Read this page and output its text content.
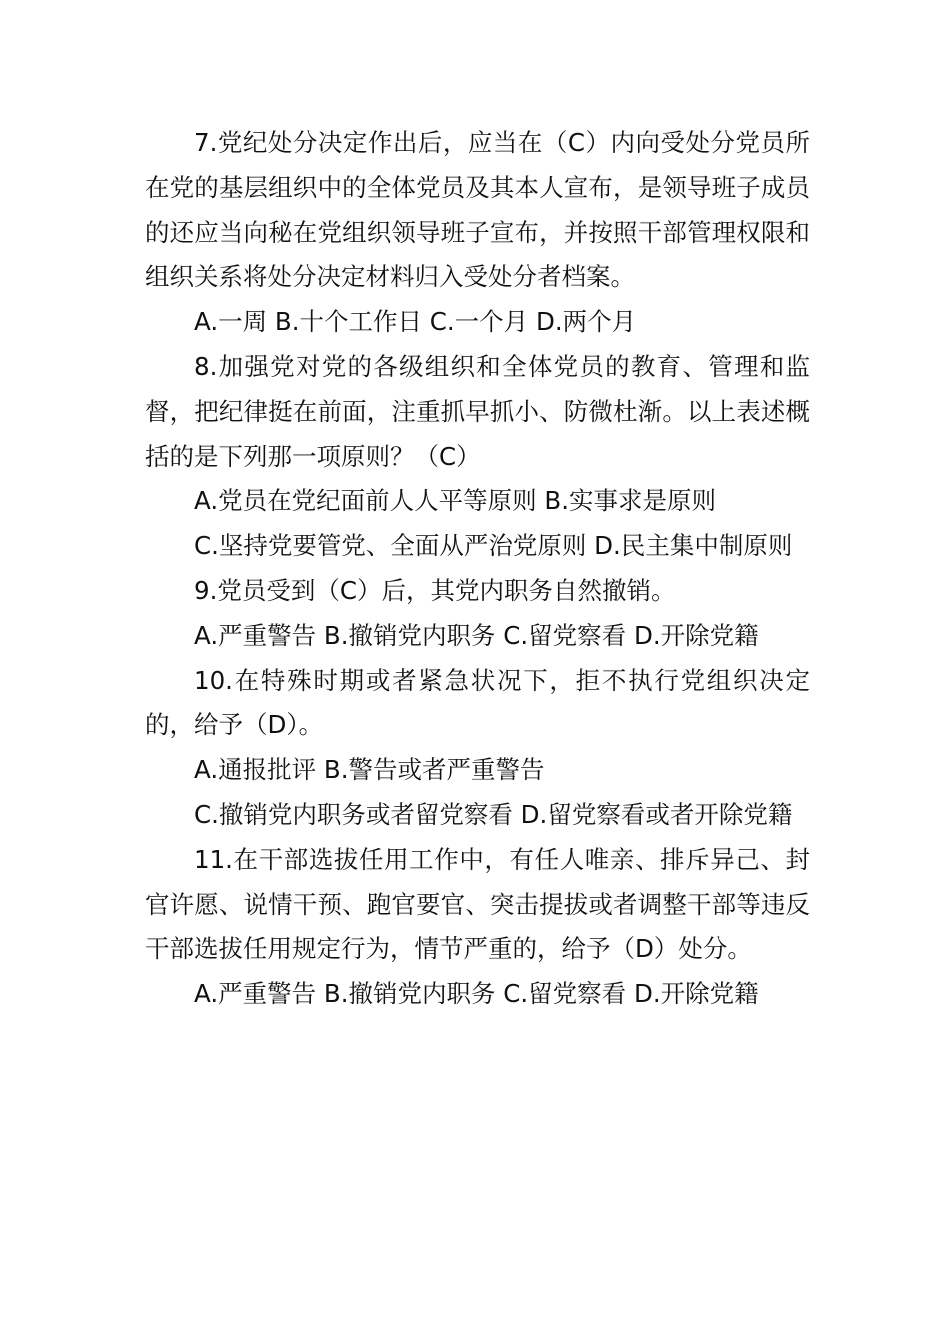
7.党纪处分决定作出后，应当在（C）内向受处分党员所在党的基层组织中的全体党员及其本人宣布，是领导班子成员的还应当向秘在党组织领导班子宣布，并按照干部管理权限和组织关系将处分决定材料归入受处分者档案。

A.一周 B.十个工作日 C.一个月 D.两个月

8.加强党对党的各级组织和全体党员的教育、管理和监督，把纪律挺在前面，注重抓早抓小、防微杜渐。以上表述概括的是下列那一项原则？（C）

A.党员在党纪面前人人平等原则 B.实事求是原则

C.坚持党要管党、全面从严治党原则 D.民主集中制原则

9.党员受到（C）后，其党内职务自然撤销。

A.严重警告 B.撤销党内职务 C.留党察看 D.开除党籍

10.在特殊时期或者紧急状况下，拒不执行党组织决定的，给予（D）。

A.通报批评 B.警告或者严重警告

C.撤销党内职务或者留党察看 D.留党察看或者开除党籍

11.在干部选拔任用工作中，有任人唯亲、排斥异己、封官许愿、说情干预、跑官要官、突击提拔或者调整干部等违反干部选拔任用规定行为，情节严重的，给予（D）处分。

A.严重警告 B.撤销党内职务 C.留党察看 D.开除党籍
